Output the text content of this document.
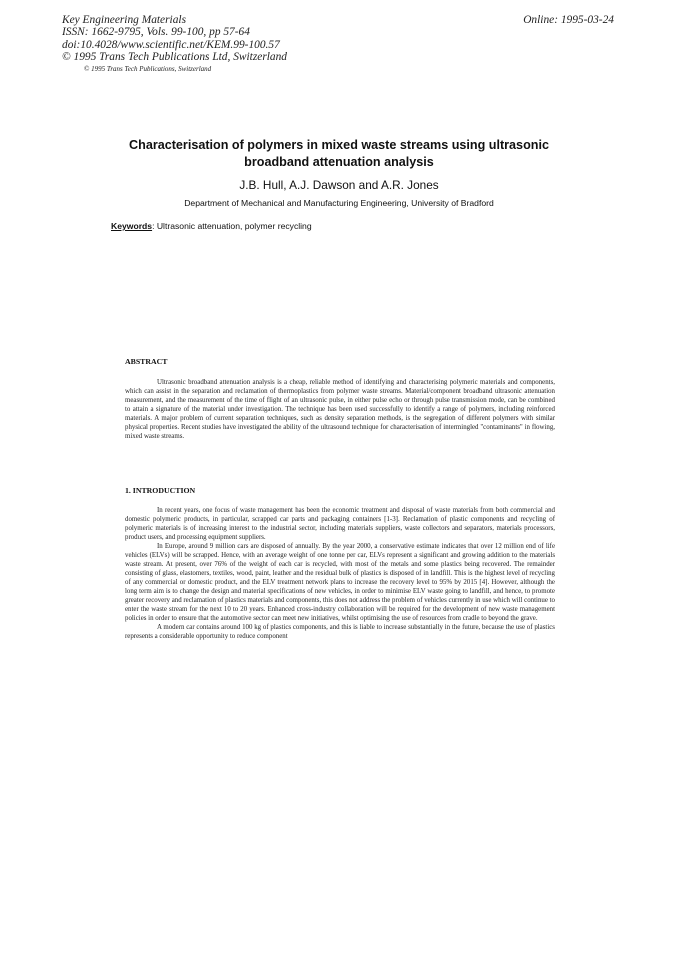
Key Engineering Materials
ISSN: 1662-9795, Vols. 99-100, pp 57-64
doi:10.4028/www.scientific.net/KEM.99-100.57
© 1995 Trans Tech Publications Ltd, Switzerland
© 1995 Trans Tech Publications, Switzerland
Online: 1995-03-24
Characterisation of polymers in mixed waste streams using ultrasonic
broadband attenuation analysis
J.B. Hull, A.J. Dawson and A.R. Jones
Department of Mechanical and Manufacturing Engineering, University of Bradford
Keywords: Ultrasonic attenuation, polymer recycling
ABSTRACT

Ultrasonic broadband attenuation analysis is a cheap, reliable method of identifying and characterising polymeric materials and components, which can assist in the separation and reclamation of thermoplastics from polymer waste streams. Material/component broadband ultrasonic attenuation measurement, and the measurement of the time of flight of an ultrasonic pulse, in either pulse echo or through pulse transmission mode, can be combined to attain a signature of the material under investigation. The technique has been used successfully to identify a range of polymers, including reinforced materials. A major problem of current separation techniques, such as density separation methods, is the segregation of different polymers with similar physical properties. Recent studies have investigated the ability of the ultrasound technique for characterisation of intermingled "contaminants" in flowing, mixed waste streams.

1. INTRODUCTION

In recent years, one focus of waste management has been the economic treatment and disposal of waste materials from both commercial and domestic polymeric products, in particular, scrapped car parts and packaging containers [1-3]. Reclamation of plastic components and recycling of polymeric materials is of increasing interest to the industrial sector, including materials suppliers, waste collectors and separators, materials processors, product users, and processing equipment suppliers.

In Europe, around 9 million cars are disposed of annually. By the year 2000, a conservative estimate indicates that over 12 million end of life vehicles (ELVs) will be scrapped. Hence, with an average weight of one tonne per car, ELVs represent a significant and growing addition to the materials waste stream. At present, over 76% of the weight of each car is recycled, with most of the metals and some plastics being recovered. The remainder consisting of glass, elastomers, textiles, wood, paint, leather and the residual bulk of plastics is disposed of in landfill. This is the highest level of recycling of any commercial or domestic product, and the ELV treatment network plans to increase the recovery level to 95% by 2015 [4]. However, although the long term aim is to change the design and material specifications of new vehicles, in order to minimise ELV waste going to landfill, and hence, to promote greater recovery and reclamation of plastics materials and components, this does not address the problem of vehicles currently in use which will continue to enter the waste stream for the next 10 to 20 years. Enhanced cross-industry collaboration will be required for the development of new waste management policies in order to ensure that the automotive sector can meet new initiatives, whilst optimising the use of resources from cradle to beyond the grave.

A modern car contains around 100 kg of plastics components, and this is liable to increase substantially in the future, because the use of plastics represents a considerable opportunity to reduce component
